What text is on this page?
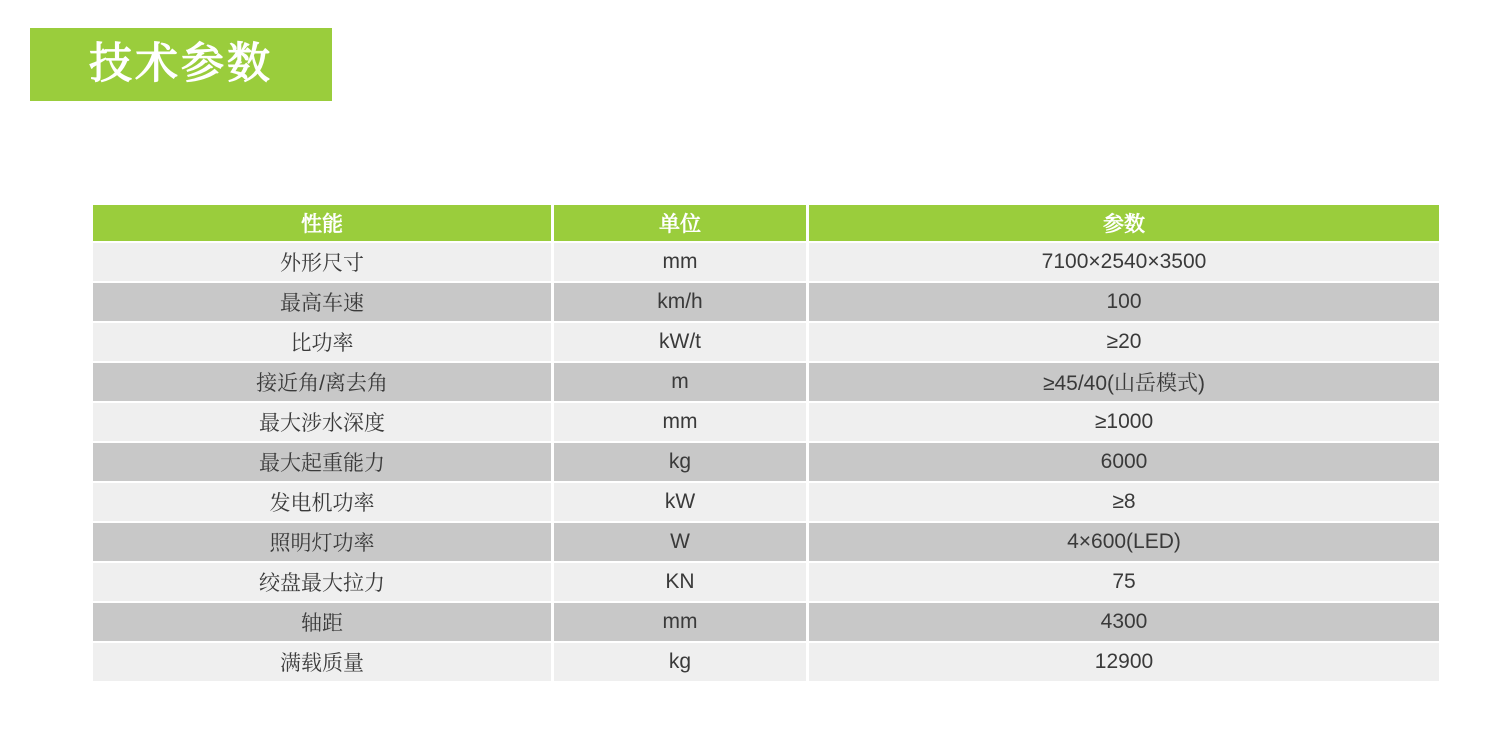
技术参数
性能	单位	参数
外形尺寸	mm	7100×2540×3500
最高车速	km/h	100
比功率	kW/t	≥20
接近角/离去角	m	≥45/40(山岳模式)
最大涉水深度	mm	≥1000
最大起重能力	kg	6000
发电机功率	kW	≥8
照明灯功率	W	4×600(LED)
绞盘最大拉力	KN	75
轴距	mm	4300
满载质量	kg	12900
